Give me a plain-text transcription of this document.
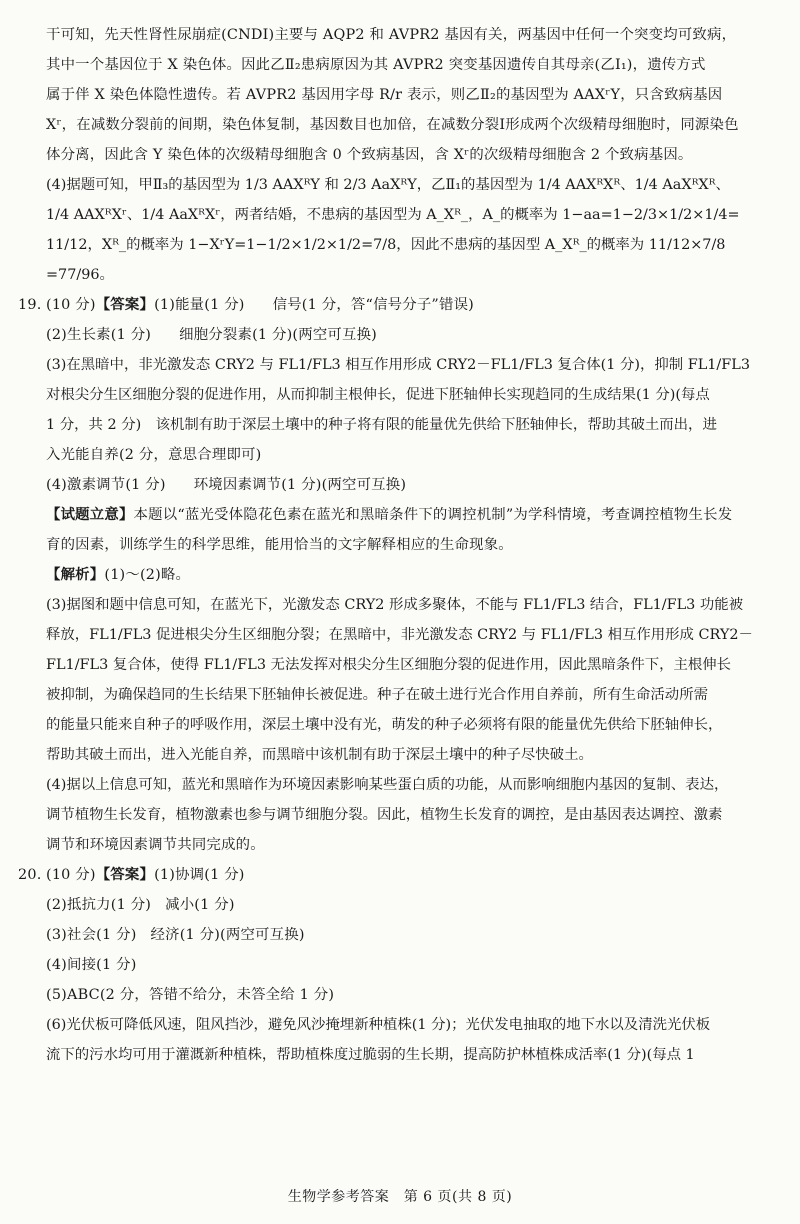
干可知，先天性肾性尿崩症(CNDI)主要与 AQP2 和 AVPR2 基因有关，两基因中任何一个突变均可致病，

其中一个基因位于 X 染色体。因此乙Ⅱ₂患病原因为其 AVPR2 突变基因遗传自其母亲(乙Ⅰ₁)，遗传方式

属于伴 X 染色体隐性遗传。若 AVPR2 基因用字母 R/r 表示，则乙Ⅱ₂的基因型为 AAXʳY，只含致病基因

Xʳ，在减数分裂前的间期，染色体复制，基因数目也加倍，在减数分裂Ⅰ形成两个次级精母细胞时，同源染色

体分离，因此含 Y 染色体的次级精母细胞含 0 个致病基因，含 Xʳ的次级精母细胞含 2 个致病基因。

(4)据题可知，甲Ⅱ₃的基因型为 1/3 AAXᴿY 和 2/3 AaXᴿY，乙Ⅱ₁的基因型为 1/4 AAXᴿXᴿ、1/4 AaXᴿXᴿ、

1/4 AAXᴿXʳ、1/4 AaXᴿXʳ，两者结婚，不患病的基因型为 A_Xᴿ_，A_的概率为 1−aa=1−2/3×1/2×1/4=

11/12，Xᴿ_的概率为 1−XʳY=1−1/2×1/2×1/2=7/8，因此不患病的基因型 A_Xᴿ_的概率为 11/12×7/8

=77/96。

19. (10 分)【答案】(1)能量(1 分) 信号(1 分，答“信号分子”错误)

(2)生长素(1 分) 细胞分裂素(1 分)(两空可互换)

(3)在黑暗中，非光激发态 CRY2 与 FL1/FL3 相互作用形成 CRY2－FL1/FL3 复合体(1 分)，抑制 FL1/FL3

对根尖分生区细胞分裂的促进作用，从而抑制主根伸长，促进下胚轴伸长实现趋同的生成结果(1 分)(每点

1 分，共 2 分)　该机制有助于深层土壤中的种子将有限的能量优先供给下胚轴伸长，帮助其破土而出，进

入光能自养(2 分，意思合理即可)

(4)激素调节(1 分) 环境因素调节(1 分)(两空可互换)

【试题立意】本题以“蓝光受体隐花色素在蓝光和黑暗条件下的调控机制”为学科情境，考查调控植物生长发

育的因素，训练学生的科学思维，能用恰当的文字解释相应的生命现象。

【解析】(1)～(2)略。

(3)据图和题中信息可知，在蓝光下，光激发态 CRY2 形成多聚体，不能与 FL1/FL3 结合，FL1/FL3 功能被

释放，FL1/FL3 促进根尖分生区细胞分裂；在黑暗中，非光激发态 CRY2 与 FL1/FL3 相互作用形成 CRY2－

FL1/FL3 复合体，使得 FL1/FL3 无法发挥对根尖分生区细胞分裂的促进作用，因此黑暗条件下，主根伸长

被抑制，为确保趋同的生长结果下胚轴伸长被促进。种子在破土进行光合作用自养前，所有生命活动所需

的能量只能来自种子的呼吸作用，深层土壤中没有光，萌发的种子必须将有限的能量优先供给下胚轴伸长，

帮助其破土而出，进入光能自养，而黑暗中该机制有助于深层土壤中的种子尽快破土。

(4)据以上信息可知，蓝光和黑暗作为环境因素影响某些蛋白质的功能，从而影响细胞内基因的复制、表达，

调节植物生长发育，植物激素也参与调节细胞分裂。因此，植物生长发育的调控，是由基因表达调控、激素

调节和环境因素调节共同完成的。

20. (10 分)【答案】(1)协调(1 分)

(2)抵抗力(1 分) 减小(1 分)

(3)社会(1 分) 经济(1 分)(两空可互换)

(4)间接(1 分)

(5)ABC(2 分，答错不给分，未答全给 1 分)

(6)光伏板可降低风速，阻风挡沙，避免风沙掩埋新种植株(1 分)；光伏发电抽取的地下水以及清洗光伏板

流下的污水均可用于灌溉新种植株，帮助植株度过脆弱的生长期，提高防护林植株成活率(1 分)(每点 1

生物学参考答案　第 6 页(共 8 页)
